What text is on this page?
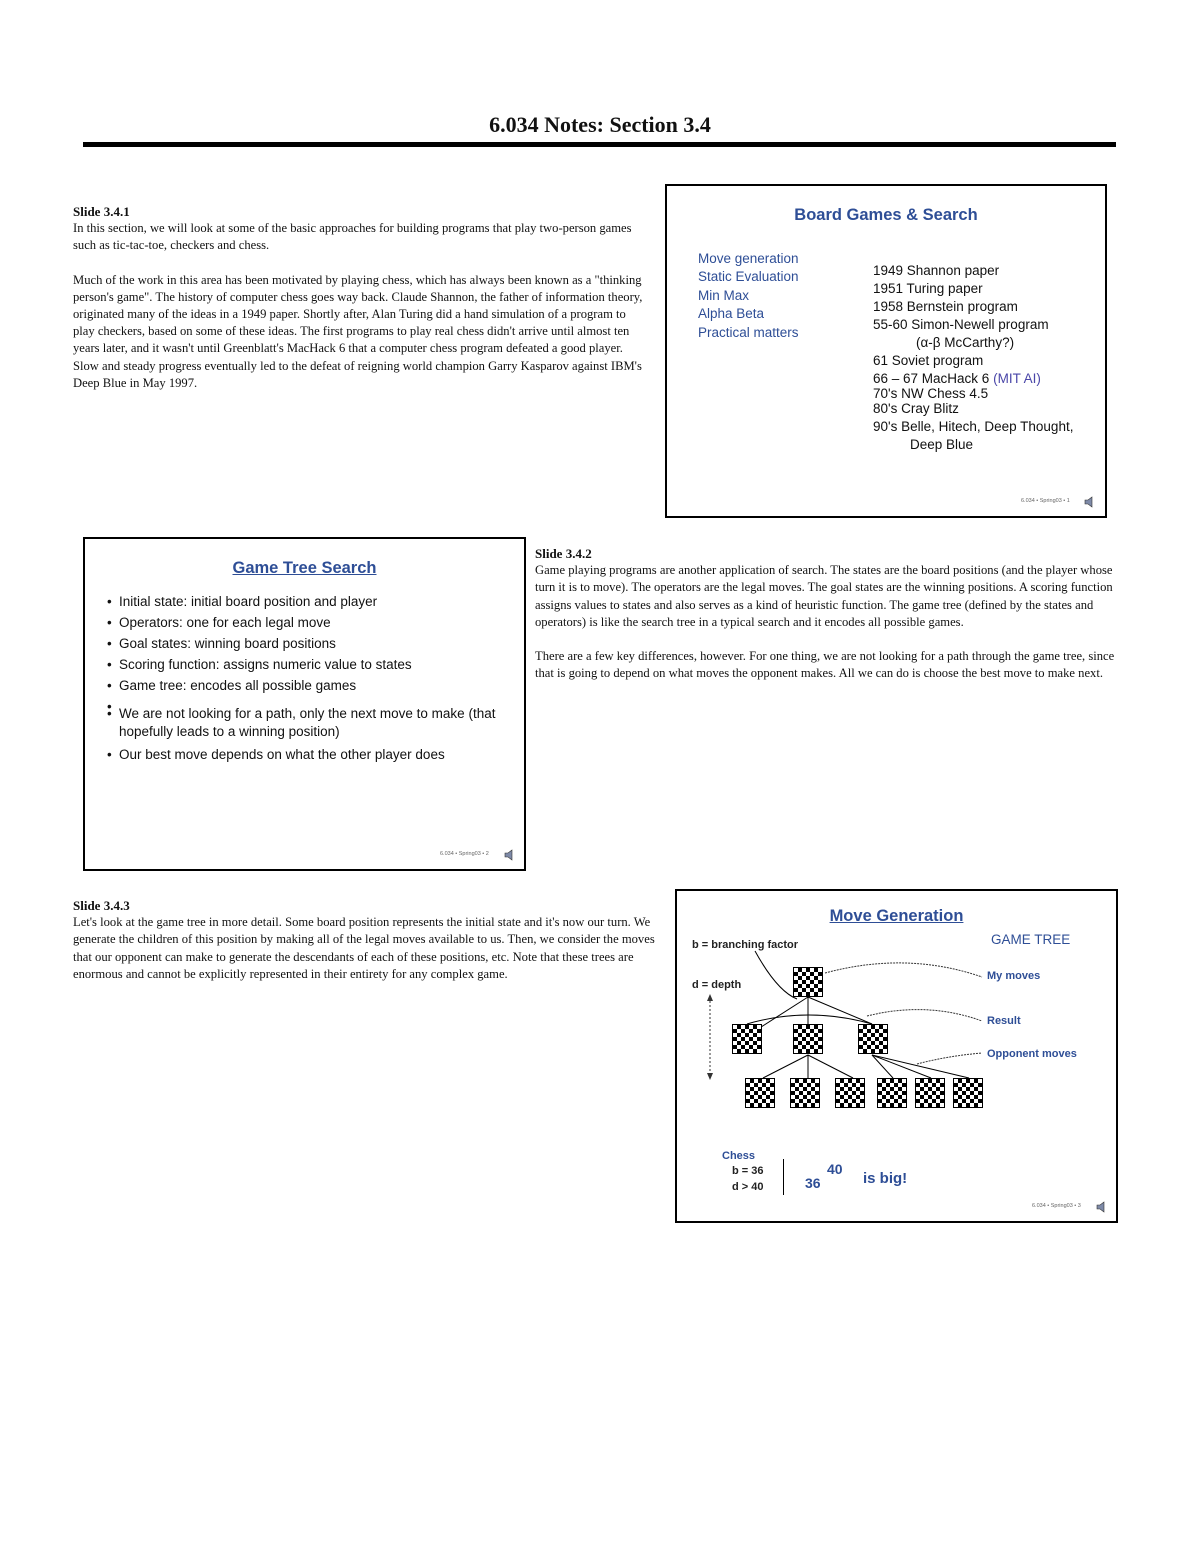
6.034 Notes: Section 3.4
Slide 3.4.1

In this section, we will look at some of the basic approaches for building programs that play two-person games such as tic-tac-toe, checkers and chess.

Much of the work in this area has been motivated by playing chess, which has always been known as a "thinking person's game". The history of computer chess goes way back. Claude Shannon, the father of information theory, originated many of the ideas in a 1949 paper. Shortly after, Alan Turing did a hand simulation of a program to play checkers, based on some of these ideas. The first programs to play real chess didn't arrive until almost ten years later, and it wasn't until Greenblatt's MacHack 6 that a computer chess program defeated a good player. Slow and steady progress eventually led to the defeat of reigning world champion Garry Kasparov against IBM's Deep Blue in May 1997.

Board Games & Search
Move generation
Static Evaluation
Min Max
Alpha Beta
Practical matters
1949 Shannon paper
1951 Turing paper
1958 Bernstein program
55-60 Simon-Newell program
(α-β McCarthy?)
61 Soviet program
66 – 67 MacHack 6 (MIT AI)
70's NW Chess 4.5
80's Cray Blitz
90's Belle, Hitech, Deep Thought,
Deep Blue
6.034 • Spring03 • 1
Game Tree Search
• Initial state: initial board position and player
• Operators: one for each legal move
• Goal states: winning board positions
• Scoring function: assigns numeric value to states
• Game tree: encodes all possible games
•
• We are not looking for a path, only the next move to make (that hopefully leads to a winning position)
• Our best move depends on what the other player does
6.034 • Spring03 • 2
Slide 3.4.2

Game playing programs are another application of search. The states are the board positions (and the player whose turn it is to move). The operators are the legal moves. The goal states are the winning positions. A scoring function assigns values to states and also serves as a kind of heuristic function. The game tree (defined by the states and operators) is like the search tree in a typical search and it encodes all possible games.

There are a few key differences, however. For one thing, we are not looking for a path through the game tree, since that is going to depend on what moves the opponent makes. All we can do is choose the best move to make next.

Slide 3.4.3

Let's look at the game tree in more detail. Some board position represents the initial state and it's now our turn. We generate the children of this position by making all of the legal moves available to us. Then, we consider the moves that our opponent can make to generate the descendants of each of these positions, etc. Note that these trees are enormous and cannot be explicitly represented in their entirety for any complex game.

Move Generation
GAME TREE
b = branching factor
d = depth
My moves
Result
Opponent moves
Chess
b = 36
d > 40	36
40
is big!
6.034 • Spring03 • 3
